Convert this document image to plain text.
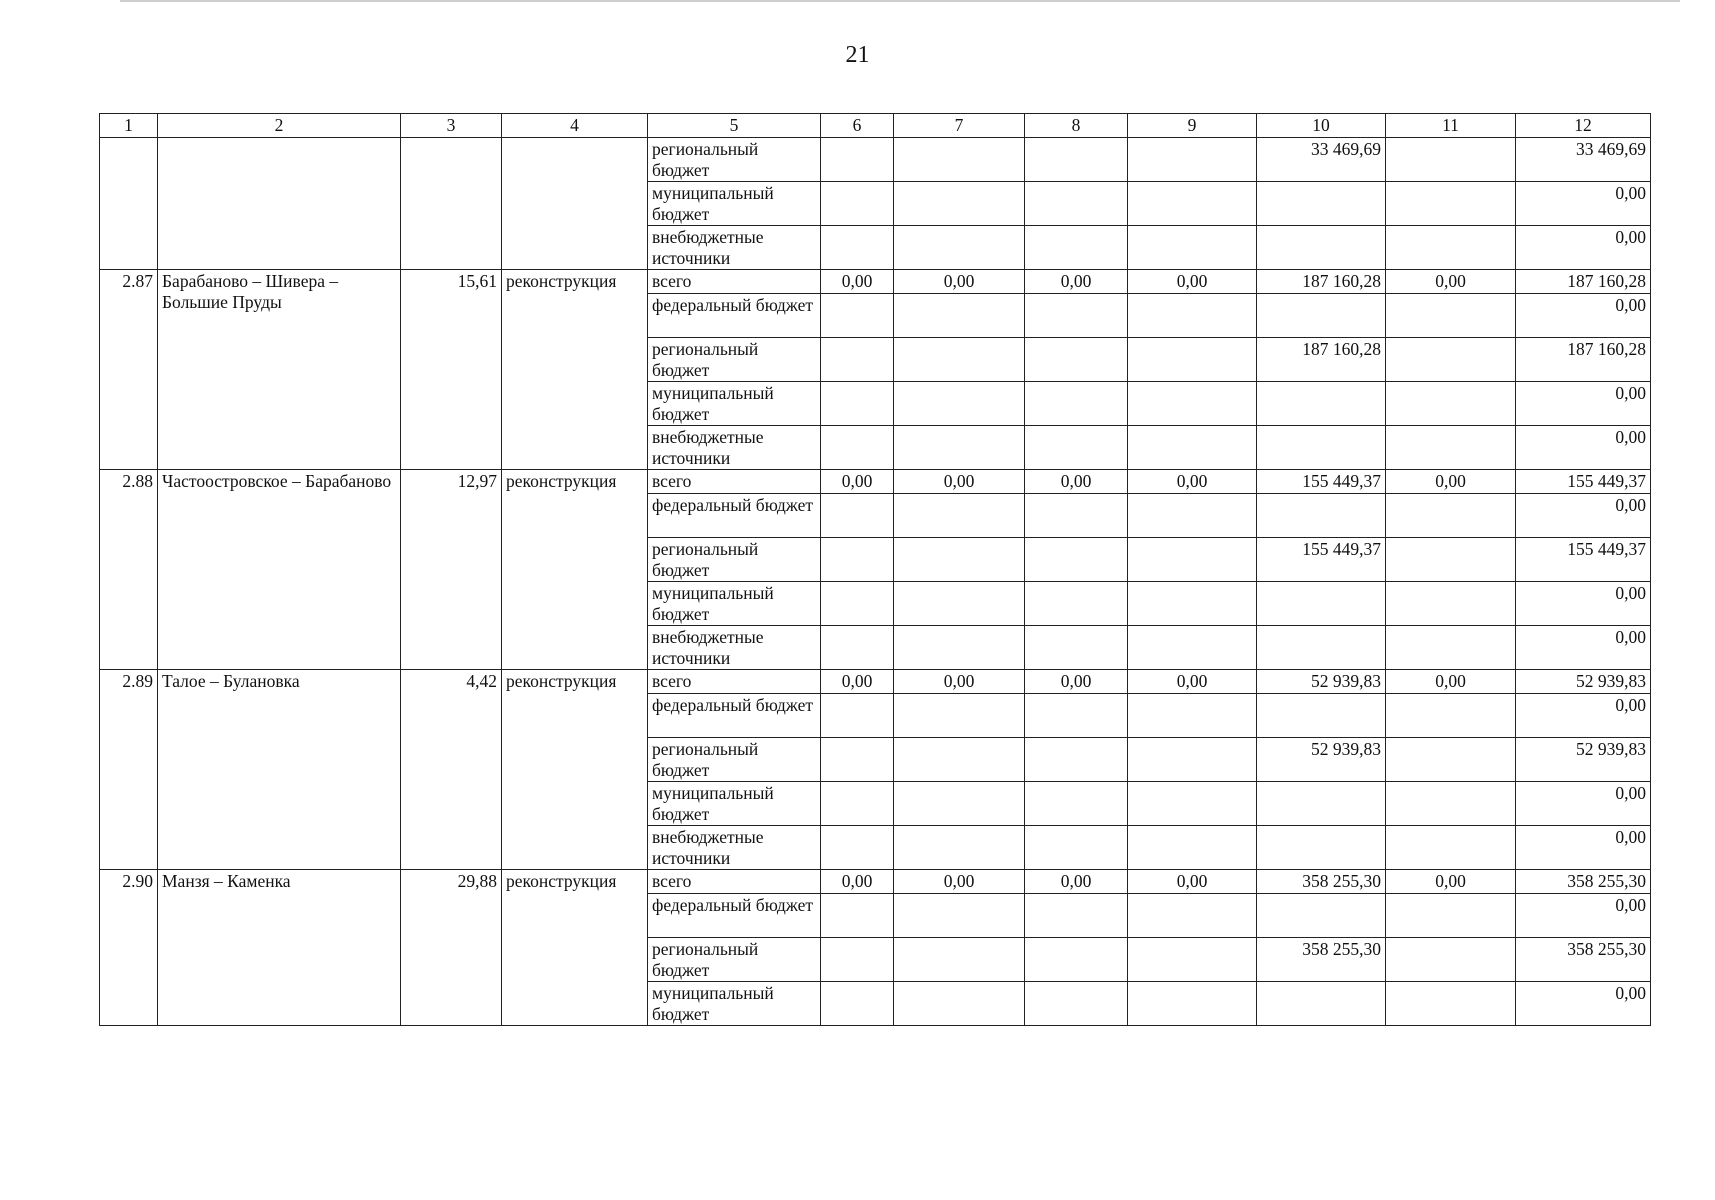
21
1	2	3	4	5	6	7	8	9	10	11	12
				региональный бюджет					33 469,69		33 469,69
				муниципальный бюджет							0,00
				внебюджетные источники							0,00
2.87	Барабаново – Шивера – Большие Пруды	15,61	реконструкция	всего	0,00	0,00	0,00	0,00	187 160,28	0,00	187 160,28
				федеральный бюджет							0,00
				региональный бюджет					187 160,28		187 160,28
				муниципальный бюджет							0,00
				внебюджетные источники							0,00
2.88	Частоостровское – Барабаново	12,97	реконструкция	всего	0,00	0,00	0,00	0,00	155 449,37	0,00	155 449,37
				федеральный бюджет							0,00
				региональный бюджет					155 449,37		155 449,37
				муниципальный бюджет							0,00
				внебюджетные источники							0,00
2.89	Талое – Булановка	4,42	реконструкция	всего	0,00	0,00	0,00	0,00	52 939,83	0,00	52 939,83
				федеральный бюджет							0,00
				региональный бюджет					52 939,83		52 939,83
				муниципальный бюджет							0,00
				внебюджетные источники							0,00
2.90	Манзя – Каменка	29,88	реконструкция	всего	0,00	0,00	0,00	0,00	358 255,30	0,00	358 255,30
				федеральный бюджет							0,00
				региональный бюджет					358 255,30		358 255,30
				муниципальный бюджет							0,00
